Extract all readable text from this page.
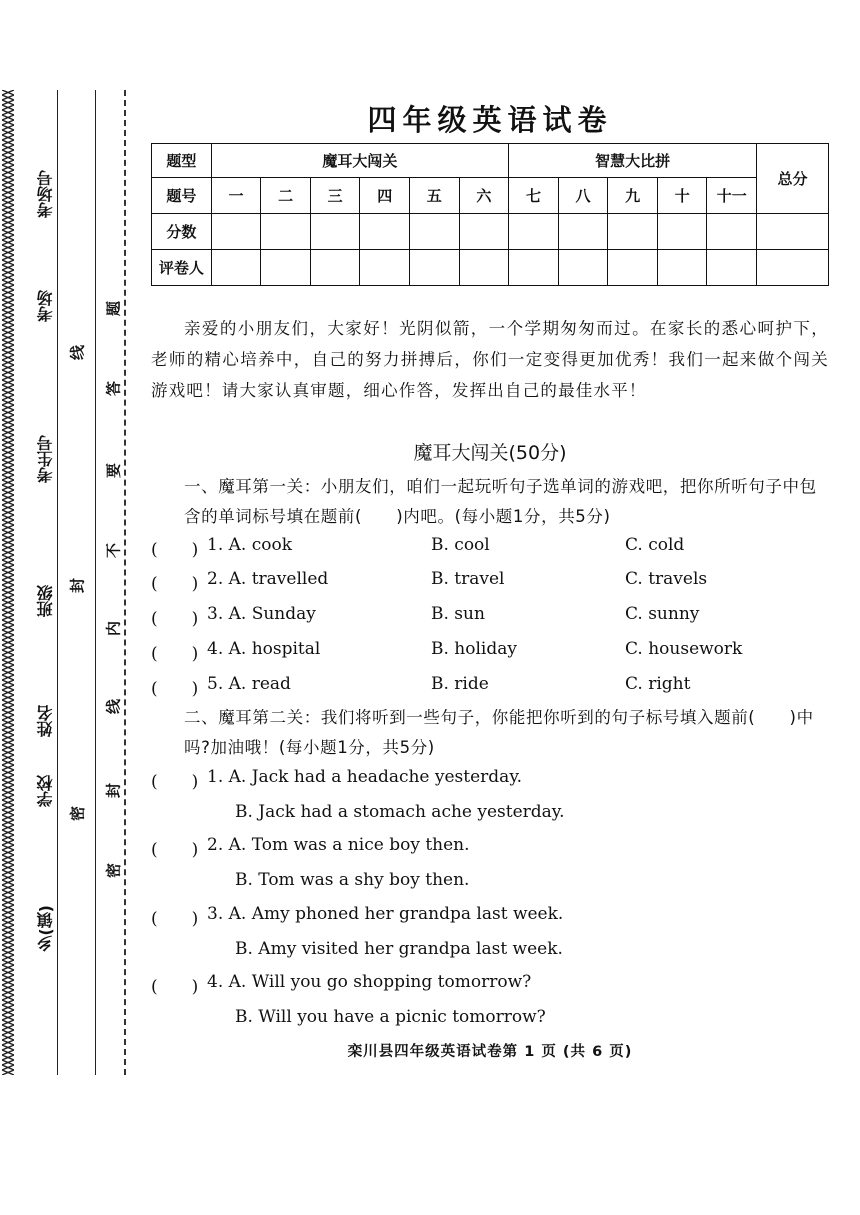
考场号
考场
考生号
班级
姓名
学校
乡(镇)
线
封
密
题
答
要
不
内
线
封
密
四年级英语试卷
题型	魔耳大闯关						智慧大比拼					总分
题号	一	二	三	四	五	六	七	八	九	十	十一	
分数												
评卷人												
亲爱的小朋友们，大家好！光阴似箭，一个学期匆匆而过。在家长的悉心呵护下，老师的精心培养中，自己的努力拼搏后，你们一定变得更加优秀！我们一起来做个闯关游戏吧！请大家认真审题，细心作答，发挥出自己的最佳水平！
魔耳大闯关(50分)
一、魔耳第一关：小朋友们，咱们一起玩听句子选单词的游戏吧，把你所听句子中包含的单词标号填在题前(　　)内吧。(每小题1分，共5分)
(　　) 1. A. cook	B. cool	C. cold
(　　) 2. A. travelled	B. travel	C. travels
(　　) 3. A. Sunday	B. sun	C. sunny
(　　) 4. A. hospital	B. holiday	C. housework
(　　) 5. A. read	B. ride	C. right
二、魔耳第二关：我们将听到一些句子，你能把你听到的句子标号填入题前(　　)中吗?加油哦！(每小题1分，共5分)
(　　) 1. A. Jack had a headache yesterday.
B. Jack had a stomach ache yesterday.
(　　) 2. A. Tom was a nice boy then.
B. Tom was a shy boy then.
(　　) 3. A. Amy phoned her grandpa last week.
B. Amy visited her grandpa last week.
(　　) 4. A. Will you go shopping tomorrow?
B. Will you have a picnic tomorrow?
栾川县四年级英语试卷第 1 页 (共 6 页)
